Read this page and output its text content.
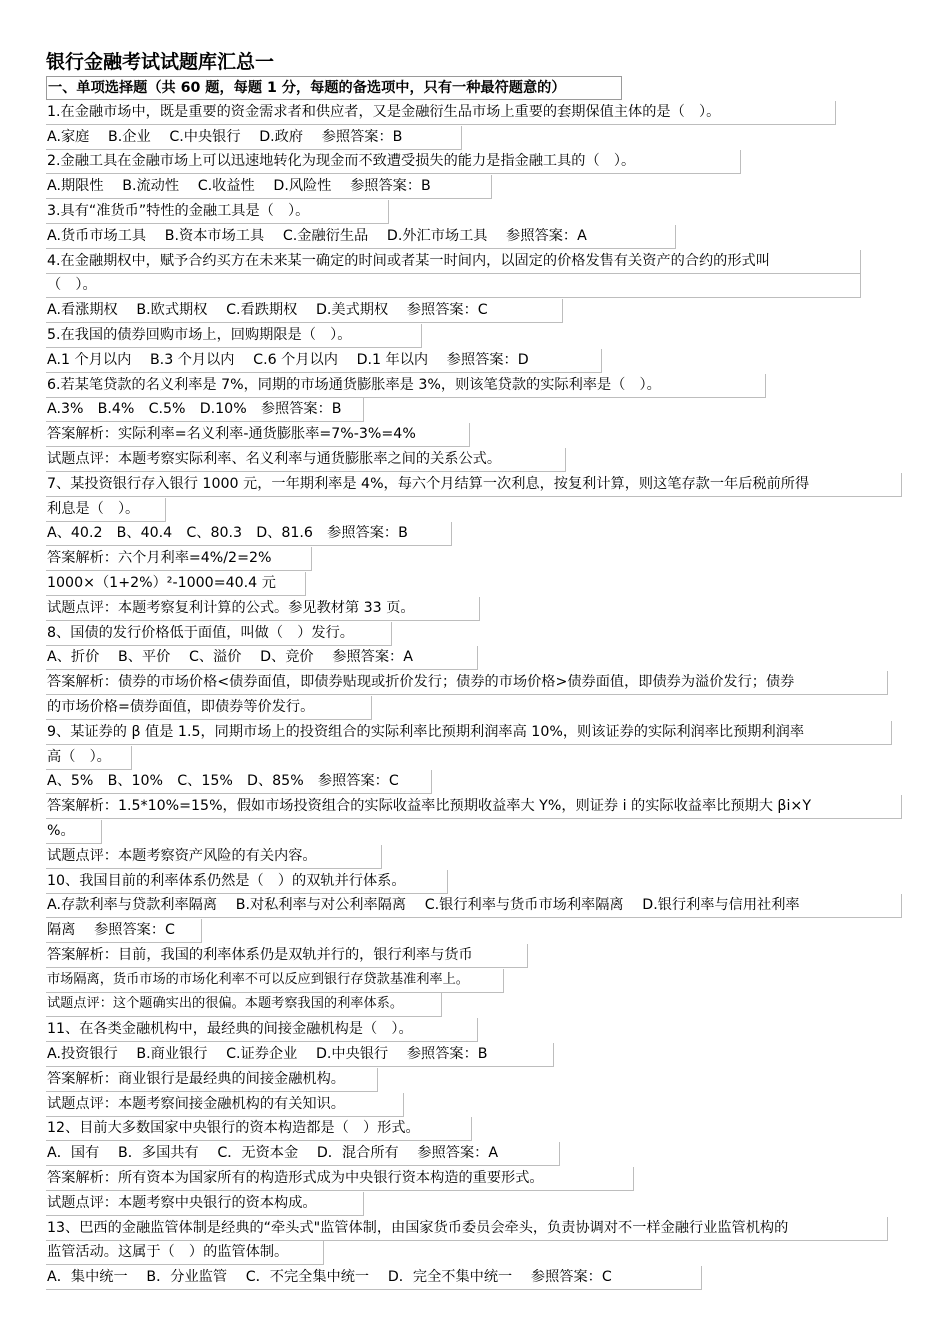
银行金融考试试题库汇总一
一、单项选择题（共 60 题，每题 1 分，每题的备选项中，只有一种最符题意的）
1.在金融市场中，既是重要的资金需求者和供应者，又是金融衍生品市场上重要的套期保值主体的是（　）。
A.家庭　 B.企业　 C.中央银行　 D.政府　 参照答案：B
2.金融工具在金融市场上可以迅速地转化为现金而不致遭受损失的能力是指金融工具的（　）。
A.期限性　 B.流动性　 C.收益性　 D.风险性　 参照答案：B
3.具有“准货币”特性的金融工具是（　）。
A.货币市场工具　 B.资本市场工具　 C.金融衍生品　 D.外汇市场工具　 参照答案：A
4.在金融期权中，赋予合约买方在未来某一确定的时间或者某一时间内，以固定的价格发售有关资产的合约的形式叫
（　）。
A.看涨期权　 B.欧式期权　 C.看跌期权　 D.美式期权　 参照答案：C
5.在我国的债券回购市场上，回购期限是（　）。
A.1 个月以内　 B.3 个月以内　 C.6 个月以内　 D.1 年以内　 参照答案：D
6.若某笔贷款的名义利率是 7%，同期的市场通货膨胀率是 3%，则该笔贷款的实际利率是（　）。
A.3%　B.4%　C.5%　D.10%　参照答案：B
答案解析：实际利率=名义利率-通货膨胀率=7%-3%=4%
试题点评：本题考察实际利率、名义利率与通货膨胀率之间的关系公式。
7、某投资银行存入银行 1000 元，一年期利率是 4%，每六个月结算一次利息，按复利计算，则这笔存款一年后税前所得
利息是（　）。
A、40.2　B、40.4　C、80.3　D、81.6　参照答案：B
答案解析：六个月利率=4%/2=2%
1000×（1+2%）²-1000=40.4 元
试题点评：本题考察复利计算的公式。参见教材第 33 页。
8、国债的发行价格低于面值，叫做（　）发行。
A、折价　 B、平价　 C、溢价　 D、竞价　 参照答案：A
答案解析：债券的市场价格<债券面值，即债券贴现或折价发行；债券的市场价格>债券面值，即债券为溢价发行；债券
的市场价格=债券面值，即债券等价发行。
9、某证券的 β 值是 1.5，同期市场上的投资组合的实际利率比预期利润率高 10%，则该证券的实际利润率比预期利润率
高（　）。
A、5%　B、10%　C、15%　D、85%　参照答案：C
答案解析：1.5*10%=15%，假如市场投资组合的实际收益率比预期收益率大 Y%，则证券 i 的实际收益率比预期大 βi×Y
%。
试题点评：本题考察资产风险的有关内容。
10、我国目前的利率体系仍然是（　）的双轨并行体系。
A.存款利率与贷款利率隔离　 B.对私利率与对公利率隔离　 C.银行利率与货币市场利率隔离　 D.银行利率与信用社利率
隔离　 参照答案：C
答案解析：目前，我国的利率体系仍是双轨并行的，银行利率与货币
市场隔离，货币市场的市场化利率不可以反应到银行存贷款基准利率上。
试题点评：这个题确实出的很偏。本题考察我国的利率体系。
11、在各类金融机构中，最经典的间接金融机构是（　）。
A.投资银行　 B.商业银行　 C.证券企业　 D.中央银行　 参照答案：B
答案解析：商业银行是最经典的间接金融机构。
试题点评：本题考察间接金融机构的有关知识。
12、目前大多数国家中央银行的资本构造都是（　）形式。
A．国有　 B．多国共有　 C．无资本金　 D．混合所有　 参照答案：A
答案解析：所有资本为国家所有的构造形式成为中央银行资本构造的重要形式。
试题点评：本题考察中央银行的资本构成。
13、巴西的金融监管体制是经典的“牵头式"监管体制，由国家货币委员会牵头，负责协调对不一样金融行业监管机构的
监管活动。这属于（　）的监管体制。
A．集中统一　 B．分业监管　 C．不完全集中统一　 D．完全不集中统一　 参照答案：C
